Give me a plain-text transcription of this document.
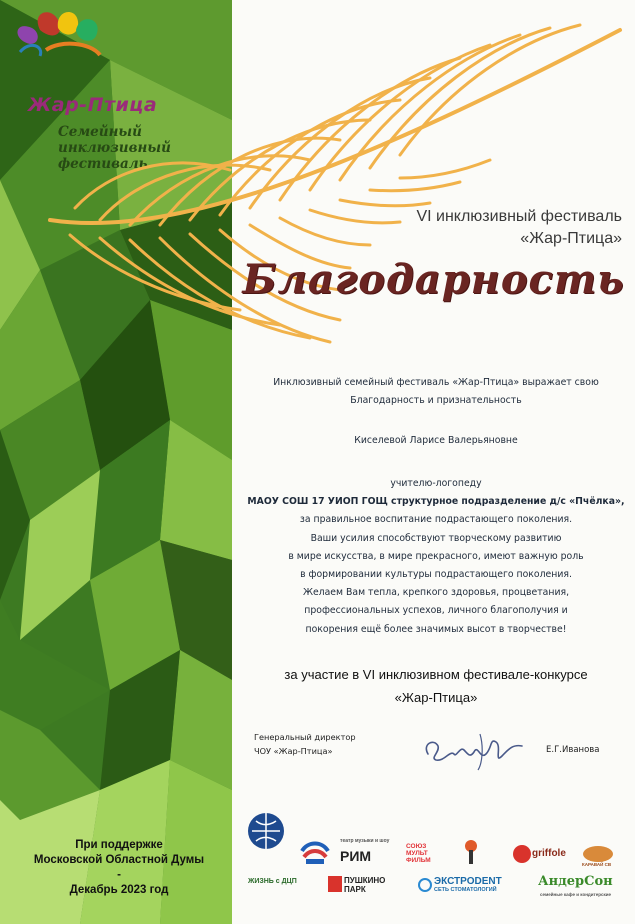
Жар-Птица
Семейный инклюзивный фестиваль
При поддержке
Московской Областной Думы
-
Декабрь 2023 год
VI инклюзивный фестиваль
«Жар-Птица»
Благодарность
Инклюзивный семейный фестиваль «Жар-Птица» выражает свою
Благодарность и признательность
Киселевой Ларисе Валерьяновне
учителю-логопеду
МАОУ СОШ 17 УИОП ГОЩ структурное подразделение д/с «Пчёлка»,
за правильное воспитание подрастающего поколения.
Ваши усилия способствуют творческому развитию
в мире искусства, в мире прекрасного, имеют важную роль
в формировании культуры подрастающего поколения.
Желаем Вам тепла, крепкого здоровья, процветания,
профессиональных успехов, личного благополучия и
покорения ещё более значимых высот в творчестве!
за участие в VI инклюзивном фестивале-конкурсе
«Жар-Птица»
Генеральный директор
ЧОУ «Жар-Птица»	Е.Г.Иванова
театр музыки и шоу
РИМ
СОЮЗ МУЛЬТ ФИЛЬМ
griffole
КАРАВАЙ СВ
ЖИЗНЬ с ДЦП	ПУШКИНО
ПАРК
ЭКСТРОDENT
СЕТЬ СТОМАТОЛОГИЙ
АндерСон
семейные кафе и кондитерские
